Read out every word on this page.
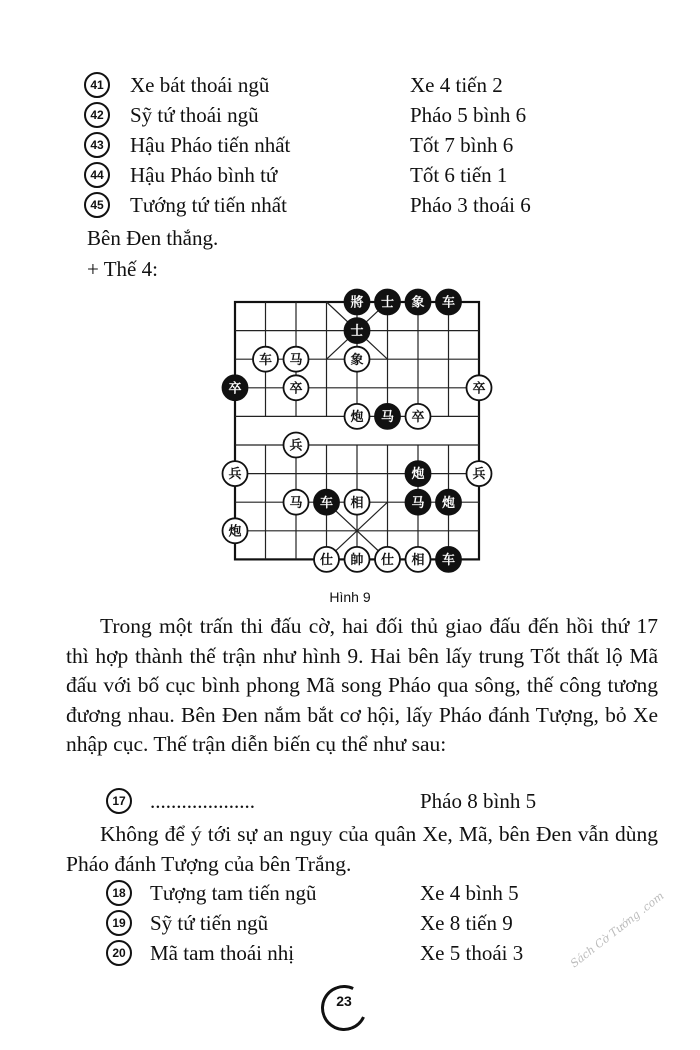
41	Xe bát thoái ngũ	Xe 4 tiến 2
42	Sỹ tứ thoái ngũ	Pháo 5 bình 6
43	Hậu Pháo tiến nhất	Tốt 7 bình 6
44	Hậu Pháo bình tứ	Tốt 6 tiến 1
45	Tướng tứ tiến nhất	Pháo 3 thoái 6
Bên Đen thắng.
+ Thế 4:
將 士 象 车
士
车 马	象
卒	卒	卒
炮 马 卒
兵
兵	炮	兵
马 车 相	马 炮
炮
仕 帥 仕 相 车
Hình 9
Trong một trấn thi đấu cờ, hai đối thủ giao đấu đến hồi thứ 17 thì hợp thành thế trận như hình 9. Hai bên lấy trung Tốt thất lộ Mã đấu với bố cục bình phong Mã song Pháo qua sông, thế công tương đương nhau. Bên Đen nắm bắt cơ hội, lấy Pháo đánh Tượng, bỏ Xe nhập cục. Thế trận diễn biến cụ thể như sau:
17	....................	Pháo 8 bình 5
Không để ý tới sự an nguy của quân Xe, Mã, bên Đen vẫn dùng Pháo đánh Tượng của bên Trắng.
18	Tượng tam tiến ngũ	Xe 4 bình 5
19	Sỹ tứ tiến ngũ	Xe 8 tiến 9
20	Mã tam thoái nhị	Xe 5 thoái 3
23
Sách Cờ Tướng .com
